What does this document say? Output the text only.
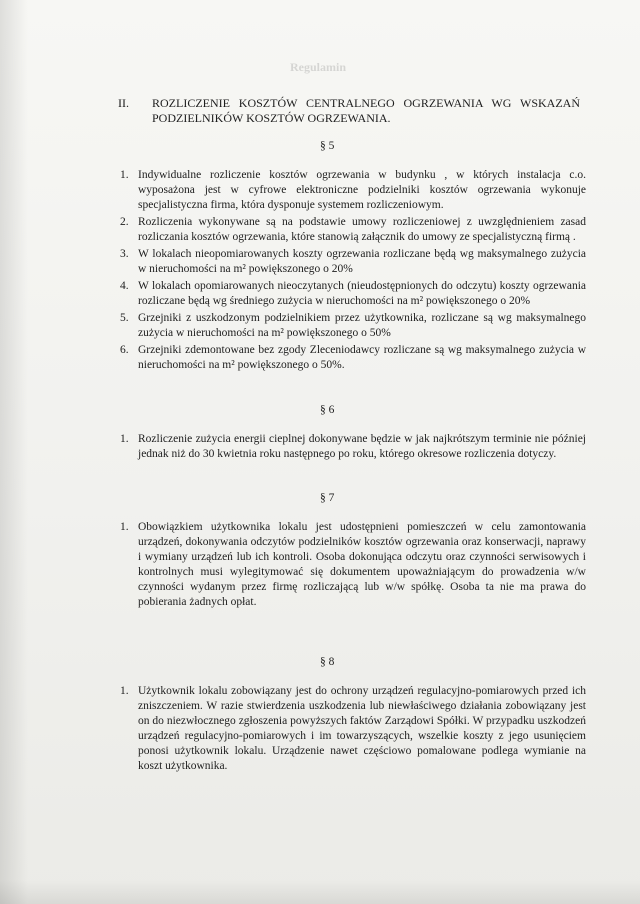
Regulamin
II.	ROZLICZENIE KOSZTÓW CENTRALNEGO OGRZEWANIA WG WSKAZAŃ PODZIELNIKÓW KOSZTÓW OGRZEWANIA.
§ 5
1. Indywidualne rozliczenie kosztów ogrzewania w budynku , w których instalacja c.o. wyposażona jest w cyfrowe elektroniczne podzielniki kosztów ogrzewania wykonuje specjalistyczna firma, która dysponuje systemem rozliczeniowym.
2. Rozliczenia wykonywane są na podstawie umowy rozliczeniowej z uwzględnieniem zasad rozliczania kosztów ogrzewania, które stanowią załącznik do umowy ze specjalistyczną firmą .
3. W lokalach nieopomiarowanych koszty ogrzewania rozliczane będą wg maksymalnego zużycia w nieruchomości na m² powiększonego o 20%
4. W lokalach opomiarowanych nieoczytanych (nieudostępnionych do odczytu) koszty ogrzewania rozliczane będą wg średniego zużycia w nieruchomości na m² powiększonego o 20%
5. Grzejniki z uszkodzonym podzielnikiem przez użytkownika, rozliczane są wg maksymalnego zużycia w nieruchomości na m² powiększonego o 50%
6. Grzejniki zdemontowane bez zgody Zleceniodawcy rozliczane są wg maksymalnego zużycia w nieruchomości na m² powiększonego o 50%.
§ 6
1. Rozliczenie zużycia energii cieplnej dokonywane będzie w jak najkrótszym terminie nie później jednak niż do 30 kwietnia roku następnego po roku, którego okresowe rozliczenia dotyczy.
§ 7
1. Obowiązkiem użytkownika lokalu jest udostępnieni pomieszczeń w celu zamontowania urządzeń, dokonywania odczytów podzielników kosztów ogrzewania oraz konserwacji, naprawy i wymiany urządzeń lub ich kontroli. Osoba dokonująca odczytu oraz czynności serwisowych i kontrolnych musi wylegitymować się dokumentem upoważniającym do prowadzenia w/w czynności wydanym przez firmę rozliczającą lub w/w spółkę. Osoba ta nie ma prawa do pobierania żadnych opłat.
§ 8
1. Użytkownik lokalu zobowiązany jest do ochrony urządzeń regulacyjno-pomiarowych przed ich zniszczeniem. W razie stwierdzenia uszkodzenia lub niewłaściwego działania zobowiązany jest on do niezwłocznego zgłoszenia powyższych faktów Zarządowi Spółki. W przypadku uszkodzeń urządzeń regulacyjno-pomiarowych i im towarzyszących, wszelkie koszty z jego usunięciem ponosi użytkownik lokalu. Urządzenie nawet częściowo pomalowane podlega wymianie na koszt użytkownika.
